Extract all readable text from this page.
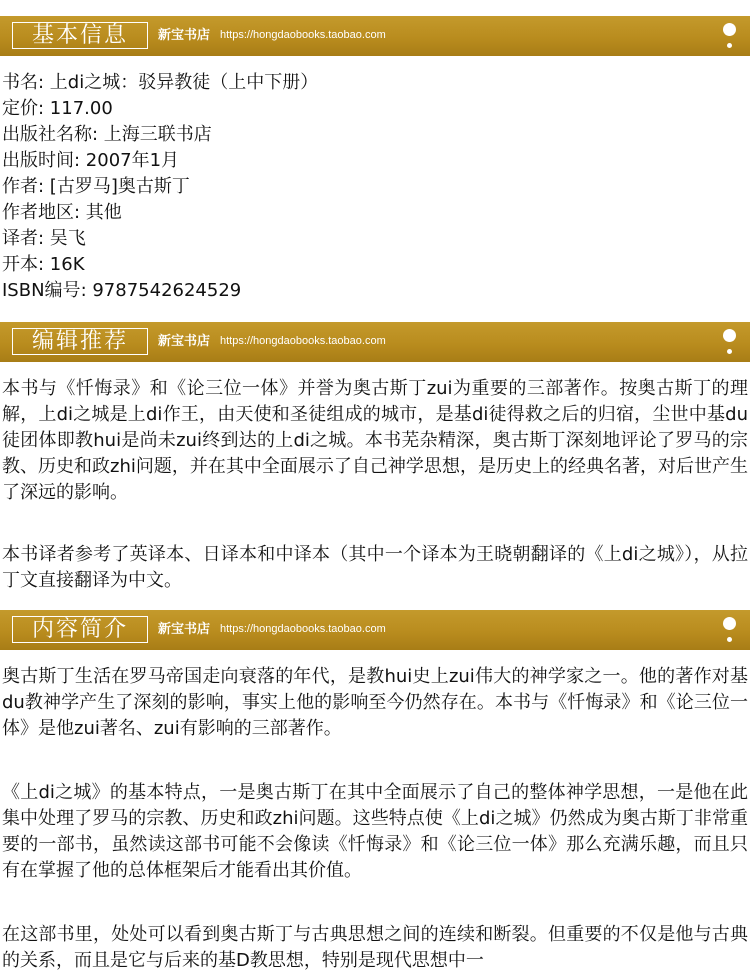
基本信息	新宝书店 https://hongdaobooks.taobao.com
书名 : 上di之城：驳异教徒（上中下册）
定价 : 117.00
出版社名称 : 上海三联书店
出版时间 : 2007年1月
作者 : [古罗马]奥古斯丁
作者地区 : 其他
译者 : 吴飞
开本 : 16K
ISBN编号 : 9787542624529
编辑推荐	新宝书店 https://hongdaobooks.taobao.com

本书与《忏悔录》和《论三位一体》并誉为奥古斯丁zui为重要的三部著作。按奥古斯丁的理解，上di之城是上di作王，由天使和圣徒组成的城市，是基di徒得救之后的归宿，尘世中基du徒团体即教hui是尚未zui终到达的上di之城。本书芜杂精深，奥古斯丁深刻地评论了罗马的宗教、历史和政zhi问题，并在其中全面展示了自己神学思想，是历史上的经典名著，对后世产生了深远的影响。

本书译者参考了英译本、日译本和中译本（其中一个译本为王晓朝翻译的《上di之城》），从拉丁文直接翻译为中文。

内容简介	新宝书店 https://hongdaobooks.taobao.com

奥古斯丁生活在罗马帝国走向衰落的年代，是教hui史上zui伟大的神学家之一。他的著作对基du教神学产生了深刻的影响，事实上他的影响至今仍然存在。本书与《忏悔录》和《论三位一体》是他zui著名、zui有影响的三部著作。

《上di之城》的基本特点，一是奥古斯丁在其中全面展示了自己的整体神学思想，一是他在此集中处理了罗马的宗教、历史和政zhi问题。这些特点使《上di之城》仍然成为奥古斯丁非常重要的一部书，虽然读这部书可能不会像读《忏悔录》和《论三位一体》那么充满乐趣，而且只有在掌握了他的总体框架后才能看出其价值。

在这部书里，处处可以看到奥古斯丁与古典思想之间的连续和断裂。但重要的不仅是他与古典的关系，而且是它与后来的基D教思想，特别是现代思想中一
